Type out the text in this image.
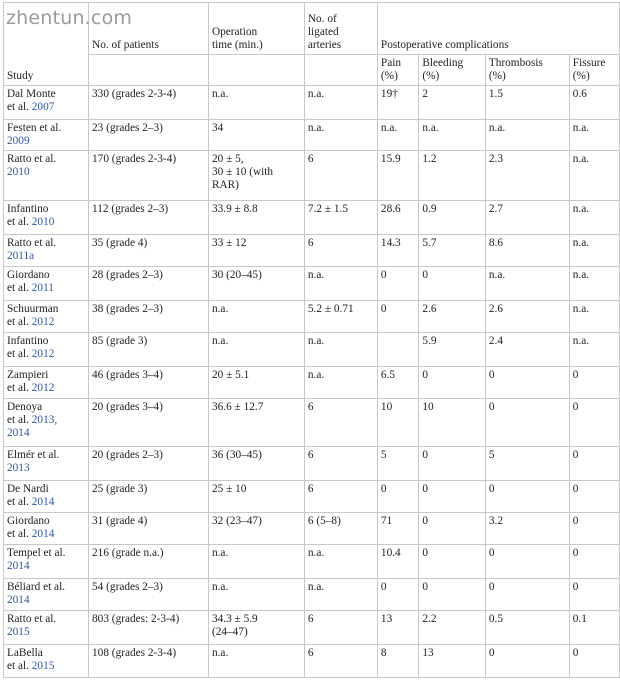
zhentun.com
Study	No. of patients	Operation
time (min.)	No. of
ligated
arteries	Postoperative complications			
				Pain
(%)	Bleeding
(%)	Thrombosis
(%)	Fissure
(%)
Dal Monte
et al. 2007	330 (grades 2-3-4)	n.a.	n.a.	19†	2	1.5	0.6
Festen et al.
2009	23 (grades 2–3)	34	n.a.	n.a.	n.a.	n.a.	n.a.
Ratto et al.
2010	170 (grades 2-3-4)	20 ± 5,
30 ± 10 (with
RAR)	6	15.9	1.2	2.3	n.a.
Infantino
et al. 2010	112 (grades 2–3)	33.9 ± 8.8	7.2 ± 1.5	28.6	0.9	2.7	n.a.
Ratto et al.
2011a	35 (grade 4)	33 ± 12	6	14.3	5.7	8.6	n.a.
Giordano
et al. 2011	28 (grades 2–3)	30 (20–45)	n.a.	0	0	n.a.	n.a.
Schuurman
et al. 2012	38 (grades 2–3)	n.a.	5.2 ± 0.71	0	2.6	2.6	n.a.
Infantino
et al. 2012	85 (grade 3)	n.a.	n.a.		5.9	2.4	n.a.
Zampieri
et al. 2012	46 (grades 3–4)	20 ± 5.1	n.a.	6.5	0	0	0
Denoya
et al. 2013,
2014	20 (grades 3–4)	36.6 ± 12.7	6	10	10	0	0
Elmér et al.
2013	20 (grades 2–3)	36 (30–45)	6	5	0	5	0
De Nardi
et al. 2014	25 (grade 3)	25 ± 10	6	0	0	0	0
Giordano
et al. 2014	31 (grade 4)	32 (23–47)	6 (5–8)	71	0	3.2	0
Tempel et al.
2014	216 (grade n.a.)	n.a.	n.a.	10.4	0	0	0
Béliard et al.
2014	54 (grades 2–3)	n.a.	n.a.	0	0	0	0
Ratto et al.
2015	803 (grades: 2-3-4)	34.3 ± 5.9
(24–47)	6	13	2.2	0.5	0.1
LaBella
et al. 2015	108 (grades 2-3-4)	n.a.	6	8	13	0	0
